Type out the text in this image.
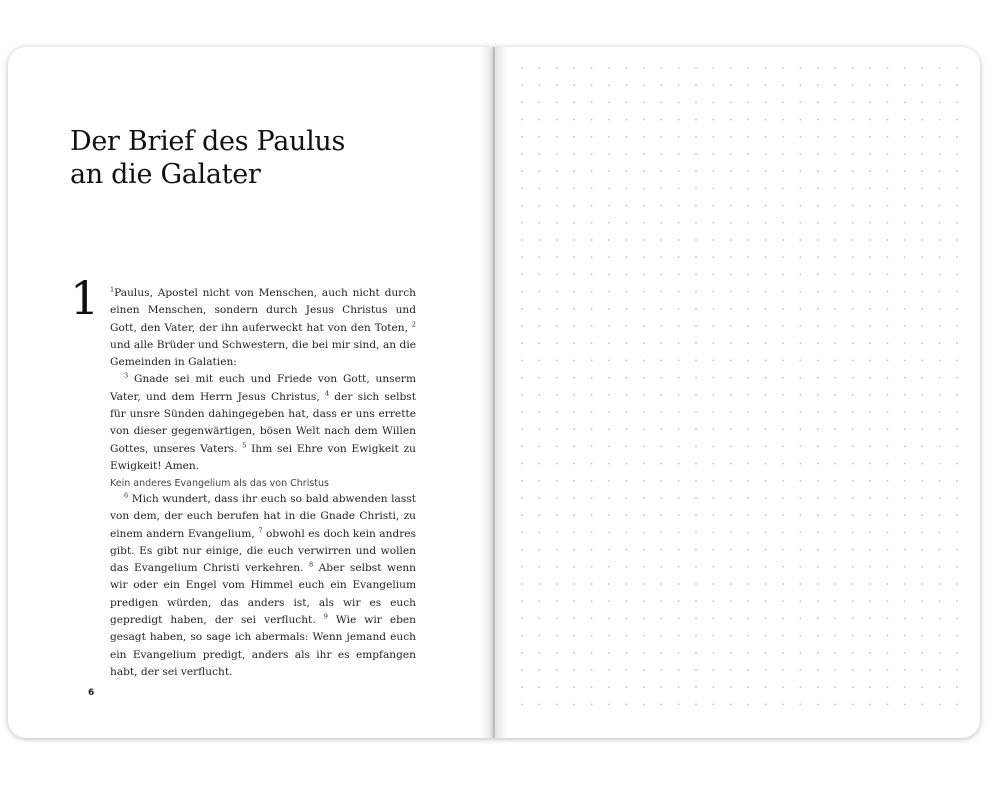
Der Brief des Paulus
an die Galater
1 $^1$Paulus, Apostel nicht von Menschen, auch nicht durch einen Menschen, sondern durch Jesus Christus und Gott, den Vater, der ihn auferweckt hat von den Toten, $^2$ und alle Brüder und Schwestern, die bei mir sind, an die Gemeinden in Galatien:

$^3$ Gnade sei mit euch und Friede von Gott, unserm Vater, und dem Herrn Jesus Christus, $^4$ der sich selbst für unsre Sünden dahingegeben hat, dass er uns errette von dieser gegenwärtigen, bösen Welt nach dem Willen Gottes, unseres Vaters. $^5$ Ihm sei Ehre von Ewigkeit zu Ewigkeit! Amen.

Kein anderes Evangelium als das von Christus

$^6$ Mich wundert, dass ihr euch so bald abwenden lasst von dem, der euch berufen hat in die Gnade Christi, zu einem andern Evangelium, $^7$ obwohl es doch kein andres gibt. Es gibt nur einige, die euch verwirren und wollen das Evangelium Christi verkehren. $^8$ Aber selbst wenn wir oder ein Engel vom Himmel euch ein Evangelium predigen würden, das anders ist, als wir es euch gepredigt haben, der sei verflucht. $^9$ Wie wir eben gesagt haben, so sage ich abermals: Wenn jemand euch ein Evangelium predigt, anders als ihr es empfangen habt, der sei verflucht.

6
